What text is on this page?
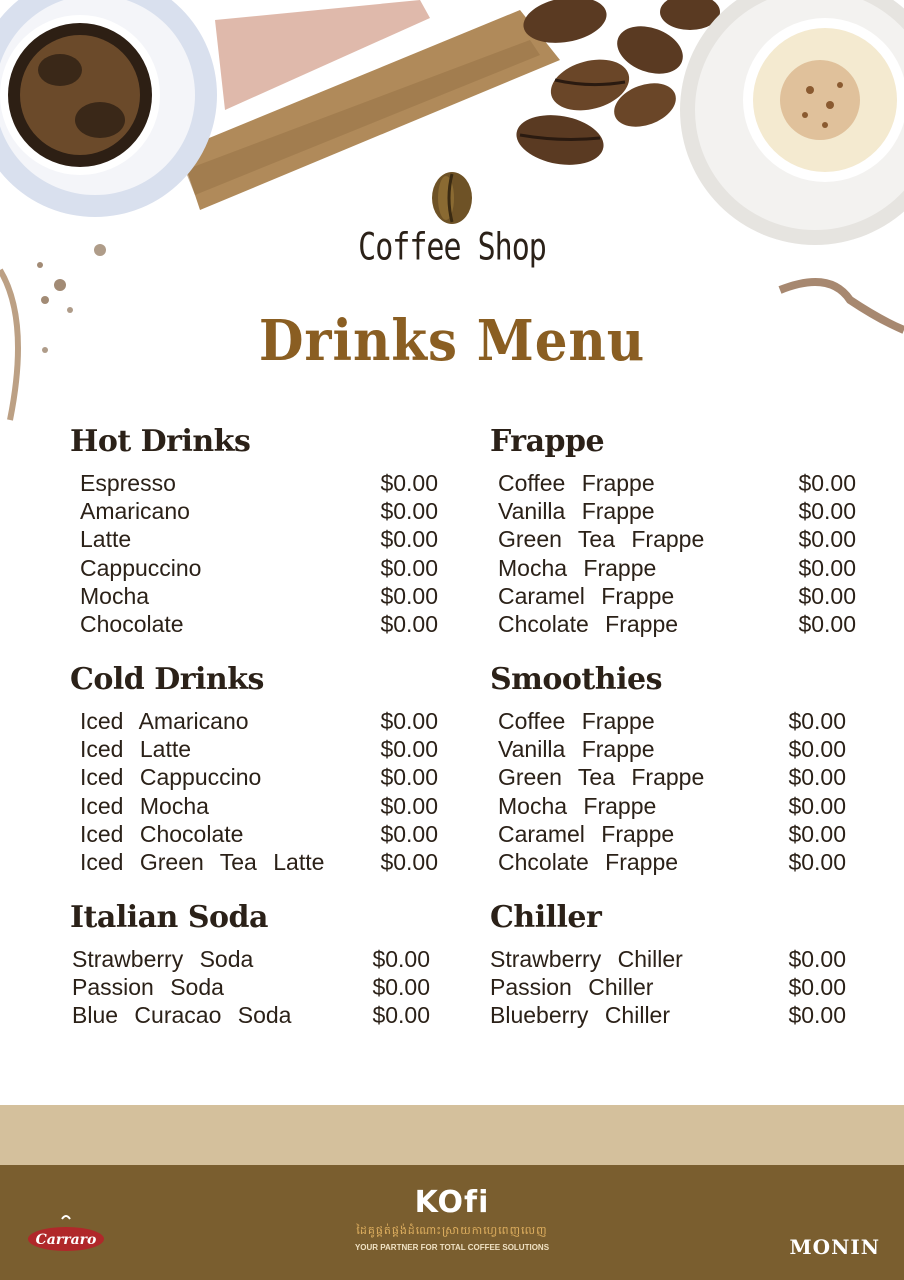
Coffee Shop
Drinks Menu
Hot Drinks
Espresso	$0.00
Amaricano	$0.00
Latte	$0.00
Cappuccino	$0.00
Mocha	$0.00
Chocolate	$0.00
Frappe
Coffee Frappe	$0.00
Vanilla Frappe	$0.00
Green Tea Frappe	$0.00
Mocha Frappe	$0.00
Caramel Frappe	$0.00
Chcolate Frappe	$0.00
Cold Drinks
Iced Amaricano	$0.00
Iced Latte	$0.00
Iced Cappuccino	$0.00
Iced Mocha	$0.00
Iced Chocolate	$0.00
Iced Green Tea Latte $0.00
Smoothies
Coffee Frappe	$0.00
Vanilla Frappe	$0.00
Green Tea Frappe	$0.00
Mocha Frappe	$0.00
Caramel Frappe	$0.00
Chcolate Frappe	$0.00
Italian Soda
Strawberry Soda	$0.00
Passion Soda	$0.00
Blue Curacao Soda	$0.00
Chiller
Strawberry Chiller	$0.00
Passion Chiller	$0.00
Blueberry Chiller	$0.00
Carraro
KOfi
ដៃគូផ្គត់ផ្គង់ដំណោះស្រាយកាហ្វេពេញលេញ
YOUR PARTNER FOR TOTAL COFFEE SOLUTIONS	MONIN
